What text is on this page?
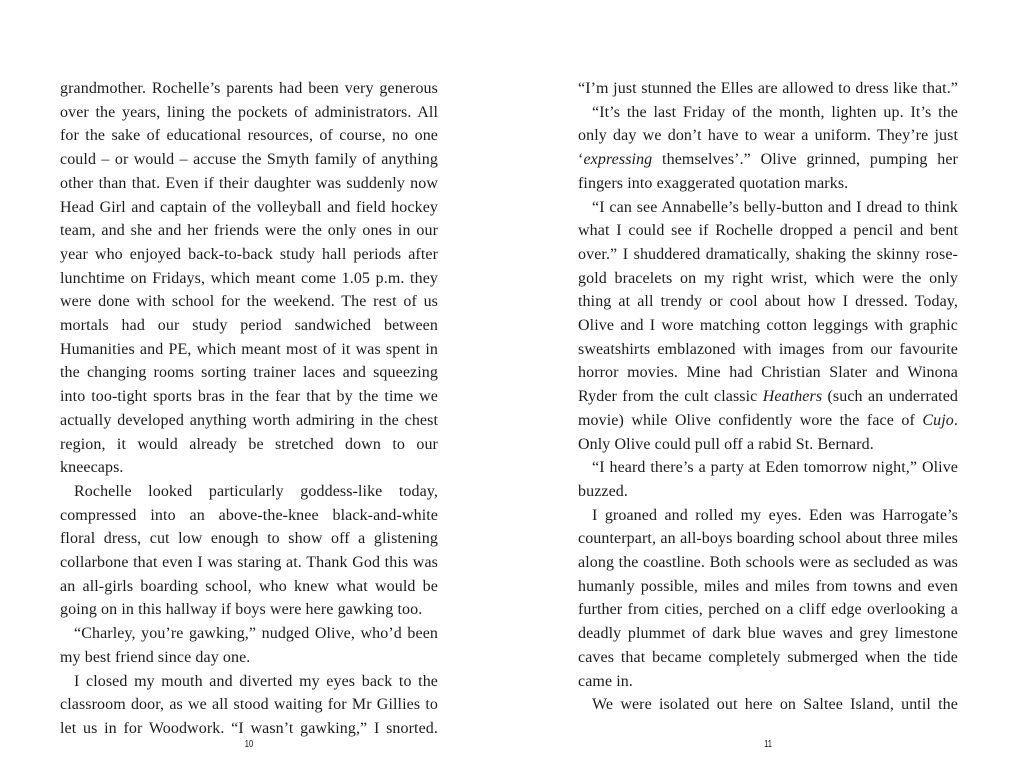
grandmother. Rochelle’s parents had been very generous over the years, lining the pockets of administrators. All for the sake of educational resources, of course, no one could – or would – accuse the Smyth family of anything other than that. Even if their daughter was suddenly now Head Girl and captain of the volleyball and field hockey team, and she and her friends were the only ones in our year who enjoyed back-to-back study hall periods after lunchtime on Fridays, which meant come 1.05 p.m. they were done with school for the weekend. The rest of us mortals had our study period sandwiched between Humanities and PE, which meant most of it was spent in the changing rooms sorting trainer laces and squeezing into too-tight sports bras in the fear that by the time we actually developed anything worth admiring in the chest region, it would already be stretched down to our kneecaps.

Rochelle looked particularly goddess-like today, compressed into an above-the-knee black-and-white floral dress, cut low enough to show off a glistening collarbone that even I was staring at. Thank God this was an all-girls boarding school, who knew what would be going on in this hallway if boys were here gawking too.

“Charley, you’re gawking,” nudged Olive, who’d been my best friend since day one.

I closed my mouth and diverted my eyes back to the classroom door, as we all stood waiting for Mr Gillies to let us in for Woodwork. “I wasn’t gawking,” I snorted.

10

“I’m just stunned the Elles are allowed to dress like that.”

“It’s the last Friday of the month, lighten up. It’s the only day we don’t have to wear a uniform. They’re just ‘expressing themselves’.” Olive grinned, pumping her fingers into exaggerated quotation marks.

“I can see Annabelle’s belly-button and I dread to think what I could see if Rochelle dropped a pencil and bent over.” I shuddered dramatically, shaking the skinny rose-gold bracelets on my right wrist, which were the only thing at all trendy or cool about how I dressed. Today, Olive and I wore matching cotton leggings with graphic sweatshirts emblazoned with images from our favourite horror movies. Mine had Christian Slater and Winona Ryder from the cult classic Heathers (such an underrated movie) while Olive confidently wore the face of Cujo. Only Olive could pull off a rabid St. Bernard.

“I heard there’s a party at Eden tomorrow night,” Olive buzzed.

I groaned and rolled my eyes. Eden was Harrogate’s counterpart, an all-boys boarding school about three miles along the coastline. Both schools were as secluded as was humanly possible, miles and miles from towns and even further from cities, perched on a cliff edge overlooking a deadly plummet of dark blue waves and grey limestone caves that became completely submerged when the tide came in.

We were isolated out here on Saltee Island, until the

11
